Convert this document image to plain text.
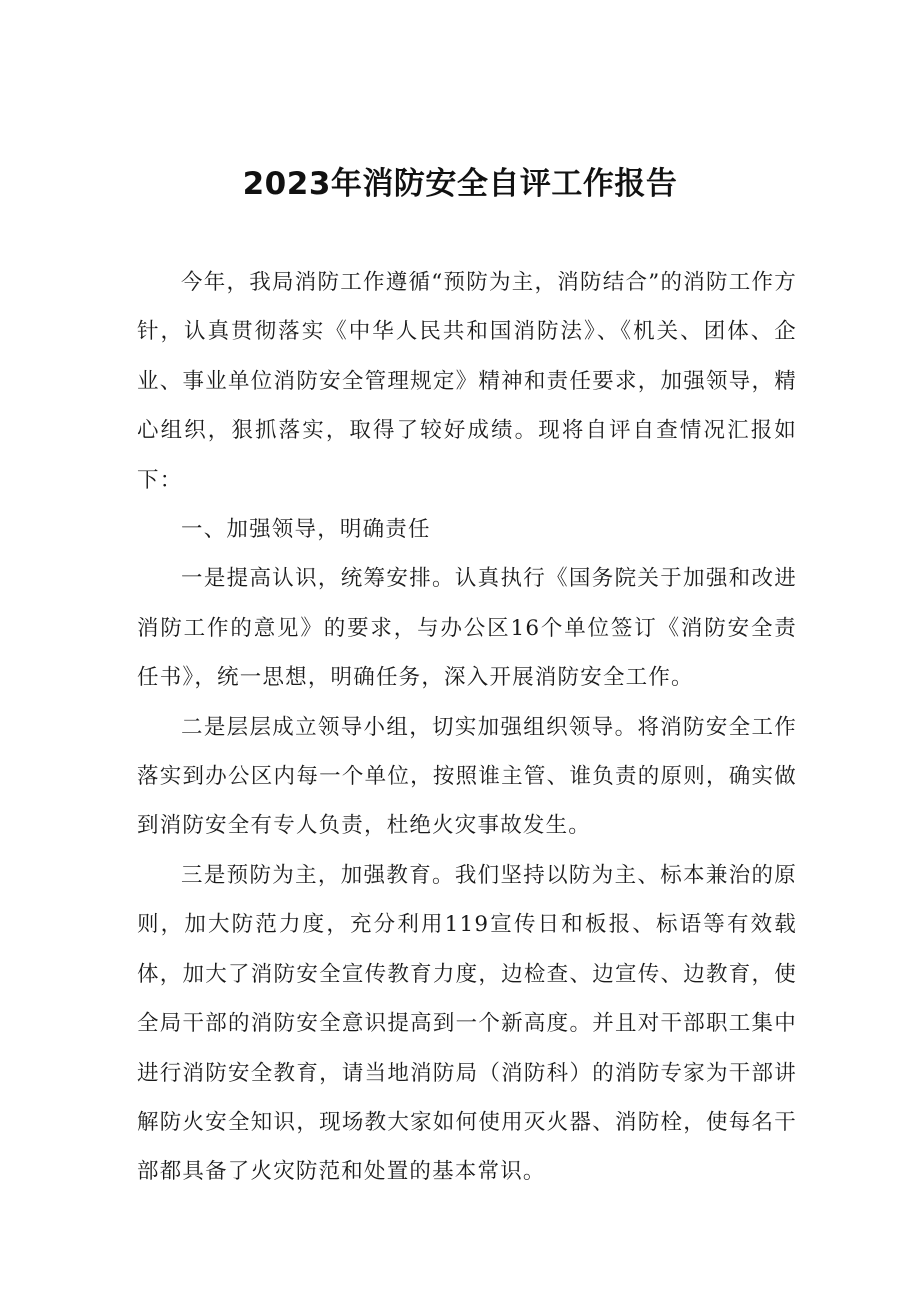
2023年消防安全自评工作报告

今年，我局消防工作遵循“预防为主，消防结合”的消防工作方针，认真贯彻落实《中华人民共和国消防法》、《机关、团体、企业、事业单位消防安全管理规定》精神和责任要求，加强领导，精心组织，狠抓落实，取得了较好成绩。现将自评自查情况汇报如下：

一、加强领导，明确责任

一是提高认识，统筹安排。认真执行《国务院关于加强和改进消防工作的意见》的要求，与办公区16个单位签订《消防安全责任书》，统一思想，明确任务，深入开展消防安全工作。

二是层层成立领导小组，切实加强组织领导。将消防安全工作落实到办公区内每一个单位，按照谁主管、谁负责的原则，确实做到消防安全有专人负责，杜绝火灾事故发生。

三是预防为主，加强教育。我们坚持以防为主、标本兼治的原则，加大防范力度，充分利用119宣传日和板报、标语等有效载体，加大了消防安全宣传教育力度，边检查、边宣传、边教育，使全局干部的消防安全意识提高到一个新高度。并且对干部职工集中进行消防安全教育，请当地消防局（消防科）的消防专家为干部讲解防火安全知识，现场教大家如何使用灭火器、消防栓，使每名干部都具备了火灾防范和处置的基本常识。
